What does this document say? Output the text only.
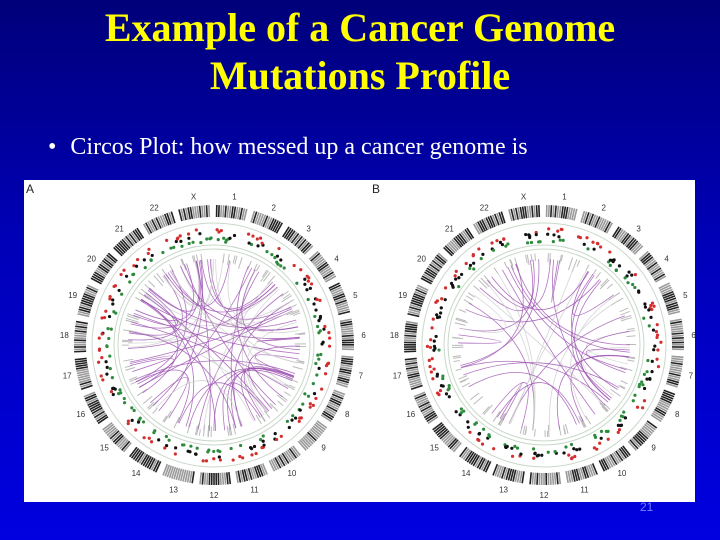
Example of a Cancer Genome
Mutations Profile
• Circos Plot: how messed up a cancer genome is
A	B
1
2
3
4
5
6
7
8
9
10
11
12
13
14
15
16
17
18
19
20
21
22
X	1
2
3
4
5
6
7
8
9
10
11
12
13
14
15
16
17
18
19
20
21
22
X
21
